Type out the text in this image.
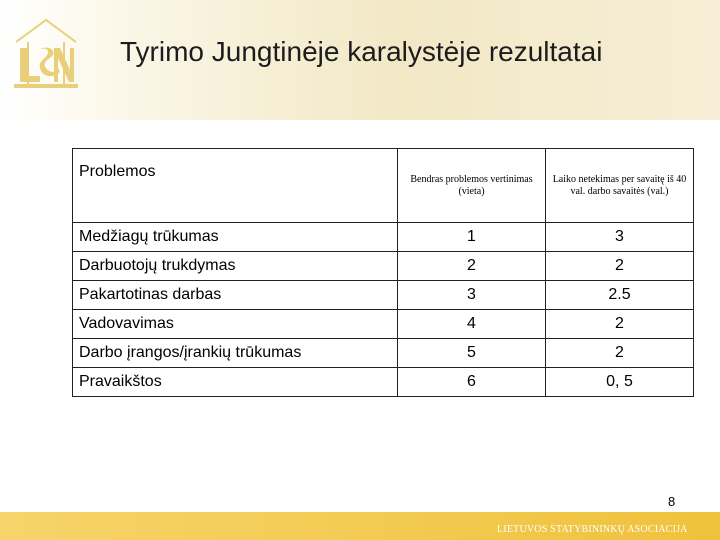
Tyrimo Jungtinėje karalystėje rezultatai
Problemos	Bendras problemos vertinimas (vieta)	Laiko netekimas per savaitę iš 40 val. darbo savaitės (val.)
Medžiagų trūkumas	1	3
Darbuotojų trukdymas	2	2
Pakartotinas darbas	3	2.5
Vadovavimas	4	2
Darbo įrangos/įrankių trūkumas	5	2
Pravaikštos	6	0, 5
8
LIETUVOS STATYBININKŲ ASOCIACIJA
